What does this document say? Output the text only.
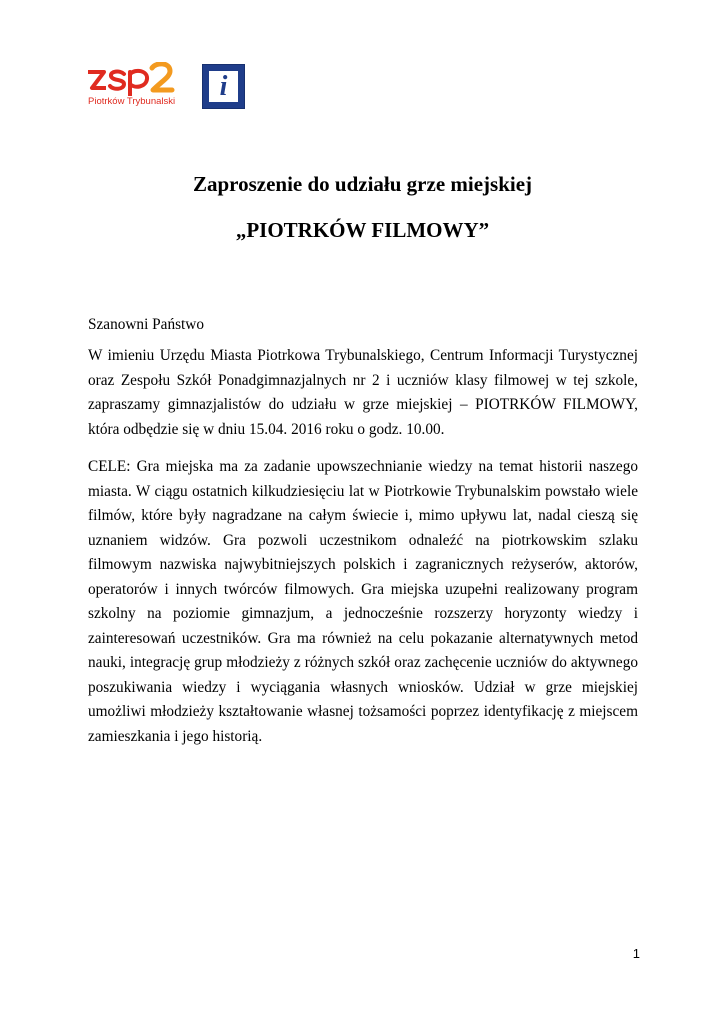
Piotrków Trybunalski	i
Zaproszenie do udziału grze miejskiej
„PIOTRKÓW FILMOWY”

Szanowni Państwo

W imieniu Urzędu Miasta Piotrkowa Trybunalskiego, Centrum Informacji Turystycznej oraz Zespołu Szkół Ponadgimnazjalnych nr 2 i uczniów klasy filmowej w tej szkole, zapraszamy gimnazjalistów do udziału w grze miejskiej – PIOTRKÓW FILMOWY, która odbędzie się w dniu 15.04. 2016 roku o godz. 10.00.

CELE: Gra miejska ma za zadanie upowszechnianie wiedzy na temat historii naszego miasta. W ciągu ostatnich kilkudziesięciu lat w Piotrkowie Trybunalskim powstało wiele filmów, które były nagradzane na całym świecie i, mimo upływu lat, nadal cieszą się uznaniem widzów. Gra pozwoli uczestnikom odnaleźć na piotrkowskim szlaku filmowym nazwiska najwybitniejszych polskich i zagranicznych reżyserów, aktorów, operatorów i innych twórców filmowych. Gra miejska uzupełni realizowany program szkolny na poziomie gimnazjum, a jednocześnie rozszerzy horyzonty wiedzy i zainteresowań uczestników. Gra ma również na celu pokazanie alternatywnych metod nauki, integrację grup młodzieży z różnych szkół oraz zachęcenie uczniów do aktywnego poszukiwania wiedzy i wyciągania własnych wniosków. Udział w grze miejskiej umożliwi młodzieży kształtowanie własnej tożsamości poprzez identyfikację z miejscem zamieszkania i jego historią.

1
